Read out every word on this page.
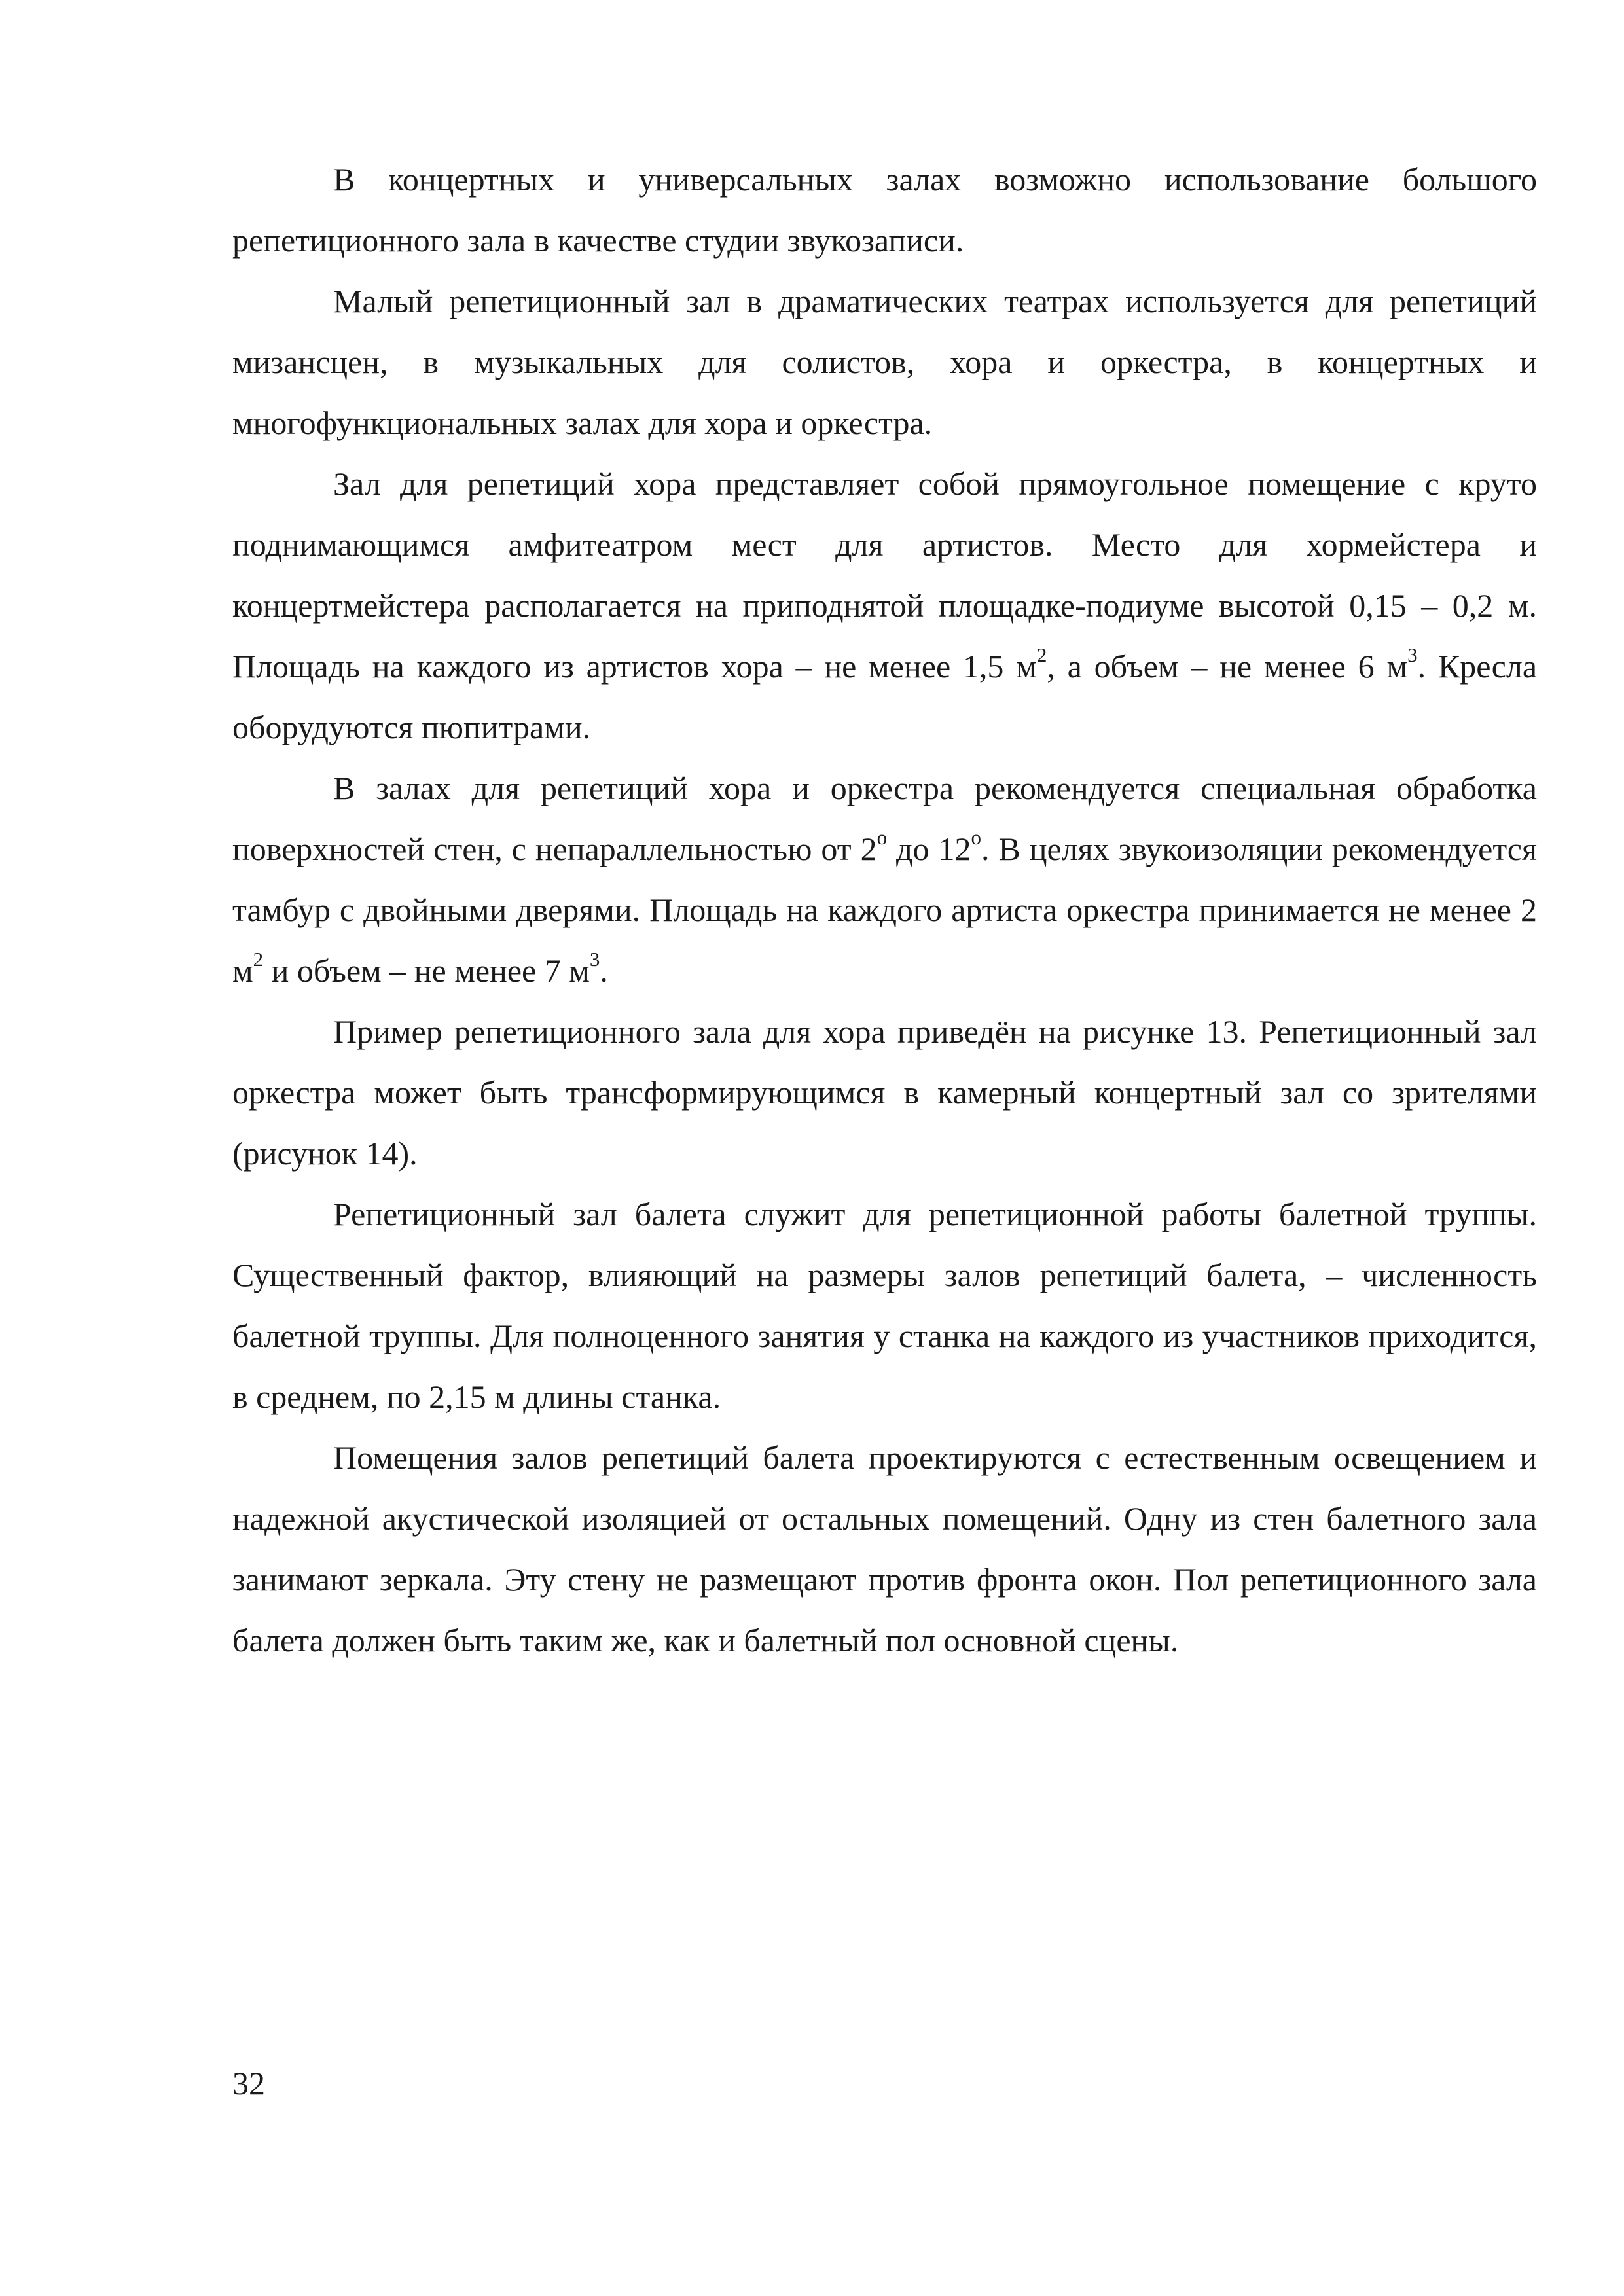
В концертных и универсальных залах возможно использование большого репетиционного зала в качестве студии звукозаписи.

Малый репетиционный зал в драматических театрах используется для репетиций мизансцен, в музыкальных для солистов, хора и оркестра, в концертных и многофункциональных залах для хора и оркестра.

Зал для репетиций хора представляет собой прямоугольное помещение с круто поднимающимся амфитеатром мест для артистов. Место для хормейстера и концертмейстера располагается на приподнятой площадке-подиуме высотой 0,15 – 0,2 м. Площадь на каждого из артистов хора – не менее 1,5 $м^2$, а объем – не менее 6 $м^3$. Кресла оборудуются пюпитрами.

В залах для репетиций хора и оркестра рекомендуется специальная обработка поверхностей стен, с непараллельностью от $2^о$ до $12^о$. В целях звукоизоляции рекомендуется тамбур с двойными дверями. Площадь на каждого артиста оркестра принимается не менее 2 $м^2$ и объем – не менее 7 $м^3$.

Пример репетиционного зала для хора приведён на рисунке 13. Репетиционный зал оркестра может быть трансформирующимся в камерный концертный зал со зрителями (рисунок 14).

Репетиционный зал балета служит для репетиционной работы балетной труппы. Существенный фактор, влияющий на размеры залов репетиций балета, – численность балетной труппы. Для полноценного занятия у станка на каждого из участников приходится, в среднем, по 2,15 м длины станка.

Помещения залов репетиций балета проектируются с естественным освещением и надежной акустической изоляцией от остальных помещений. Одну из стен балетного зала занимают зеркала. Эту стену не размещают против фронта окон. Пол репетиционного зала балета должен быть таким же, как и балетный пол основной сцены.

32
